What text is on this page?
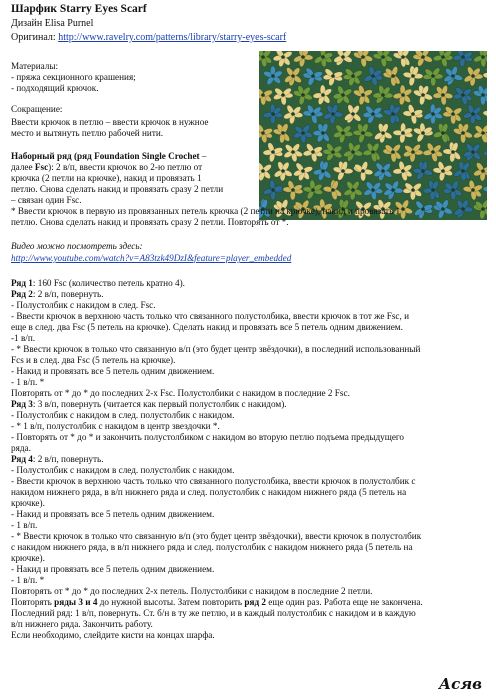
Шарфик Starry Eyes Scarf
Дизайн Elisa Purnel
Оригинал: http://www.ravelry.com/patterns/library/starry-eyes-scarf
Материалы:
- пряжа секционного крашения;
- подходящий крючок.
Сокращение:
Ввести крючок в петлю – ввести крючок в нужное
место и вытянуть петлю рабочей нити.
Наборный ряд (ряд Foundation Single Crochet –
далее Fsc): 2 в/п, ввести крючок во 2-ю петлю от
крючка (2 петли на крючке), накид и провязать 1
петлю. Снова сделать накид и провязать сразу 2 петли
– связан один Fsc.
* Ввести крючок в первую из провязанных петель крючка (2 петли на крючке), накид и провязать 1
петлю. Снова сделать накид и провязать сразу 2 петли. Повторять от *.
Видео можно посмотреть здесь:
http://www.youtube.com/watch?v=A83tzk49DzI&feature=player_embedded
Ряд 1: 160 Fsc (количество петель кратно 4).
Ряд 2: 2 в/п, повернуть.
- Полустолбик с накидом в след. Fsc.
- Ввести крючок в верхнюю часть только что связанного полустолбика, ввести крючок в тот же Fsc, и
еще в след. два Fsc (5 петель на крючке). Сделать накид и провязать все 5 петель одним движением.
-1 в/п.
- * Ввести крючок в только что связанную в/п (это будет центр звёздочки), в последний использованный
Fcs и в след. два Fsc (5 петель на крючке).
- Накид и провязать все 5 петель одним движением.
- 1 в/п. *
Повторять от * до * до последних 2-х Fsc. Полустолбики с накидом в последние 2 Fsc.
Ряд 3: 3 в/п, повернуть (читается как первый полустолбик с накидом).
- Полустолбик с накидом в след. полустолбик с накидом.
- * 1 в/п, полустолбик с накидом в центр звездочки *.
- Повторять от * до * и закончить полустолбиком с накидом во вторую петлю подъема предыдущего
ряда.
Ряд 4: 2 в/п, повернуть.
- Полустолбик с накидом в след. полустолбик с накидом.
- Ввести крючок в верхнюю часть только что связанного полустолбика, ввести крючок в полустолбик с
накидом нижнего ряда, в в/п нижнего ряда и след. полустолбик с накидом нижнего ряда (5 петель на
крючке).
- Накид и провязать все 5 петель одним движением.
- 1 в/п.
- * Ввести крючок в только что связанную в/п (это будет центр звёздочки), ввести крючок в полустолбик
с накидом нижнего ряда, в в/п нижнего ряда и след. полустолбик с накидом нижнего ряда (5 петель на
крючке).
- Накид и провязать все 5 петель одним движением.
- 1 в/п. *
Повторять от * до * до последних 2-х петель. Полустолбики с накидом в последние 2 петли.
Повторять ряды 3 и 4 до нужной высоты. Затем повторить ряд 2 еще один раз. Работа еще не закончена.
Последний ряд: 1 в/п, повернуть. Ст. б/н в ту же петлю, и в каждый полустолбик с накидом и в каждую
в/п нижнего ряда. Закончить работу.
Если необходимо, слейдите кисти на концах шарфа.
Асяв
